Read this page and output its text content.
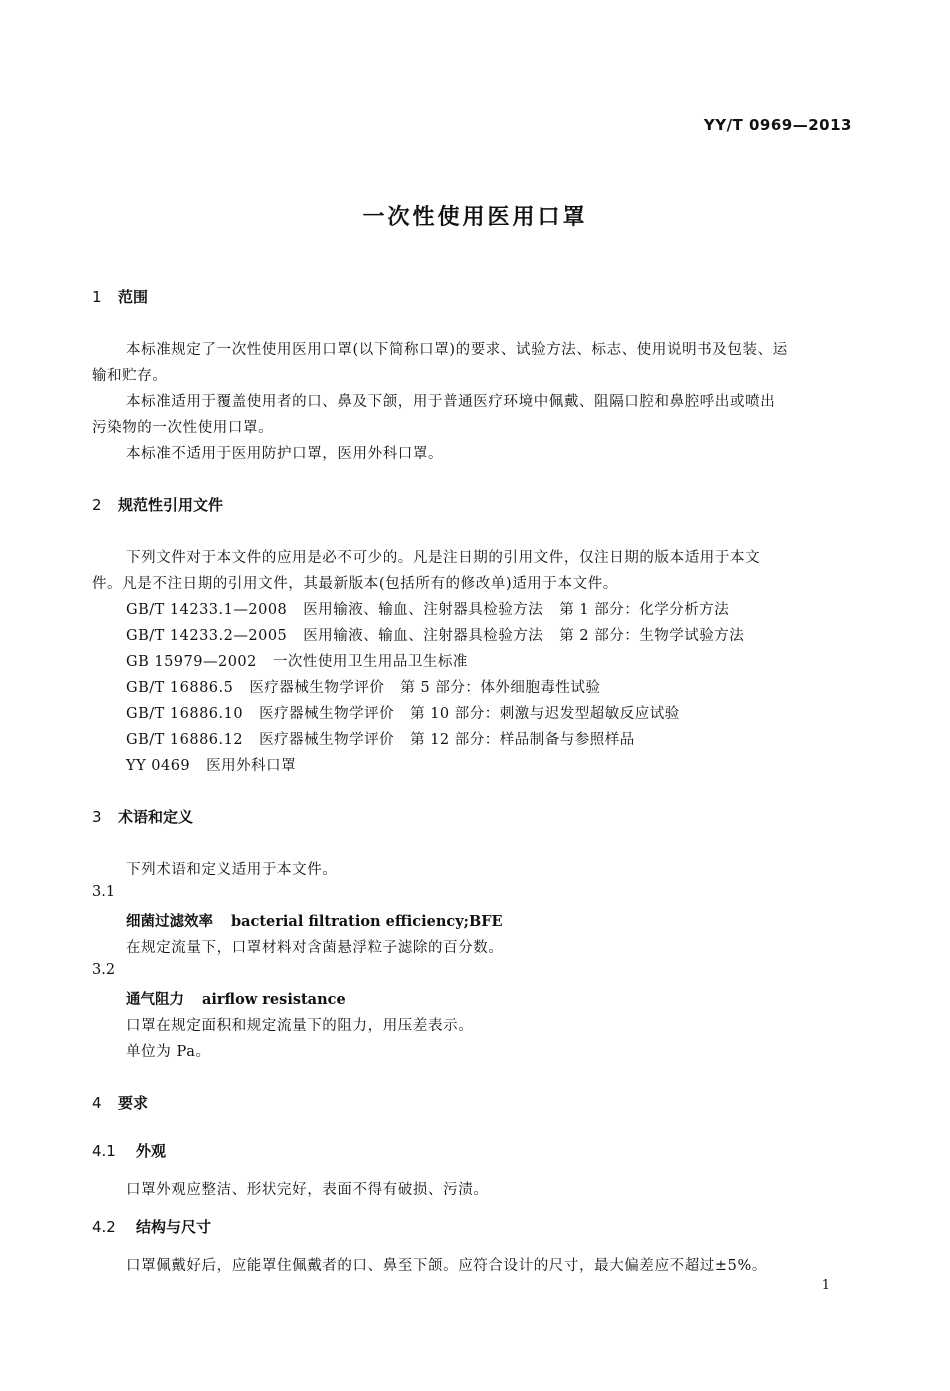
YY/T 0969—2013
一次性使用医用口罩
1 范围
本标准规定了一次性使用医用口罩(以下简称口罩)的要求、试验方法、标志、使用说明书及包装、运
输和贮存。
本标准适用于覆盖使用者的口、鼻及下颌，用于普通医疗环境中佩戴、阻隔口腔和鼻腔呼出或喷出
污染物的一次性使用口罩。
本标准不适用于医用防护口罩，医用外科口罩。
2 规范性引用文件
下列文件对于本文件的应用是必不可少的。凡是注日期的引用文件，仅注日期的版本适用于本文
件。凡是不注日期的引用文件，其最新版本(包括所有的修改单)适用于本文件。
GB/T 14233.1—2008 医用输液、输血、注射器具检验方法 第 1 部分：化学分析方法
GB/T 14233.2—2005 医用输液、输血、注射器具检验方法 第 2 部分：生物学试验方法
GB 15979—2002 一次性使用卫生用品卫生标准
GB/T 16886.5 医疗器械生物学评价 第 5 部分：体外细胞毒性试验
GB/T 16886.10 医疗器械生物学评价 第 10 部分：刺激与迟发型超敏反应试验
GB/T 16886.12 医疗器械生物学评价 第 12 部分：样品制备与参照样品
YY 0469 医用外科口罩
3 术语和定义
下列术语和定义适用于本文件。
3.1
细菌过滤效率 bacterial filtration efficiency;BFE
在规定流量下，口罩材料对含菌悬浮粒子滤除的百分数。
3.2
通气阻力 airflow resistance
口罩在规定面积和规定流量下的阻力，用压差表示。
单位为 Pa。
4 要求
4.1 外观
口罩外观应整洁、形状完好，表面不得有破损、污渍。
4.2 结构与尺寸
口罩佩戴好后，应能罩住佩戴者的口、鼻至下颌。应符合设计的尺寸，最大偏差应不超过±5%。
1
